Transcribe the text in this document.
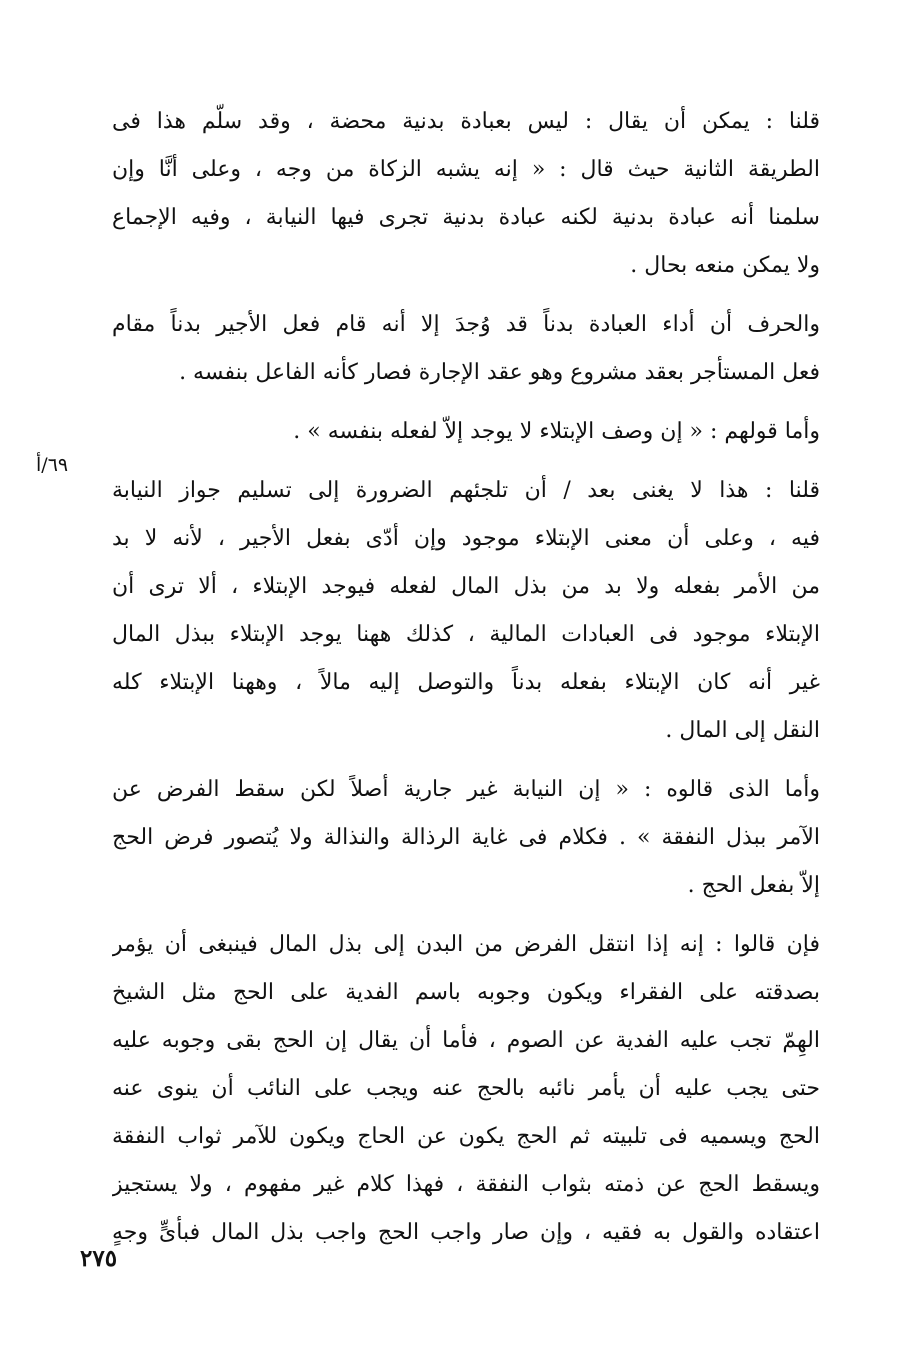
٦٩/أ
قلنا : يمكن أن يقال : ليس بعبادة بدنية محضة ، وقد سلّم هذا فى
الطريقة الثانية حيث قال : « إنه يشبه الزكاة من وجه ، وعلى أنَّا وإن
سلمنا أنه عبادة بدنية لكنه عبادة بدنية تجرى فيها النيابة ، وفيه الإجماع
ولا يمكن منعه بحال .
والحرف أن أداء العبادة بدناً قد وُجدَ إلا أنه قام فعل الأجير بدناً مقام
فعل المستأجر بعقد مشروع وهو عقد الإجارة فصار كأنه الفاعل بنفسه .
وأما قولهم : « إن وصف الإبتلاء لا يوجد إلاّ لفعله بنفسه » .
قلنا : هذا لا يغنى بعد / أن تلجئهم الضرورة إلى تسليم جواز النيابة
فيه ، وعلى أن معنى الإبتلاء موجود وإن أدّى بفعل الأجير ، لأنه لا بد
من الأمر بفعله ولا بد من بذل المال لفعله فيوجد الإبتلاء ، ألا ترى أن
الإبتلاء موجود فى العبادات المالية ، كذلك ههنا يوجد الإبتلاء ببذل المال
غير أنه كان الإبتلاء بفعله بدناً والتوصل إليه مالاً ، وههنا الإبتلاء كله
النقل إلى المال .
وأما الذى قالوه : « إن النيابة غير جارية أصلاً لكن سقط الفرض عن
الآمر ببذل النفقة » . فكلام فى غاية الرذالة والنذالة ولا يُتصور فرض الحج
إلاّ بفعل الحج .
فإن قالوا : إنه إذا انتقل الفرض من البدن إلى بذل المال فينبغى أن يؤمر
بصدقته على الفقراء ويكون وجوبه باسم الفدية على الحج مثل الشيخ
الهِمّ تجب عليه الفدية عن الصوم ، فأما أن يقال إن الحج بقى وجوبه عليه
حتى يجب عليه أن يأمر نائبه بالحج عنه ويجب على النائب أن ينوى عنه
الحج ويسميه فى تلبيته ثم الحج يكون عن الحاج ويكون للآمر ثواب النفقة
ويسقط الحج عن ذمته بثواب النفقة ، فهذا كلام غير مفهوم ، ولا يستجيز
اعتقاده والقول به فقيه ، وإن صار واجب الحج واجب بذل المال فبأىٍّ وجهٍ
٢٧٥
